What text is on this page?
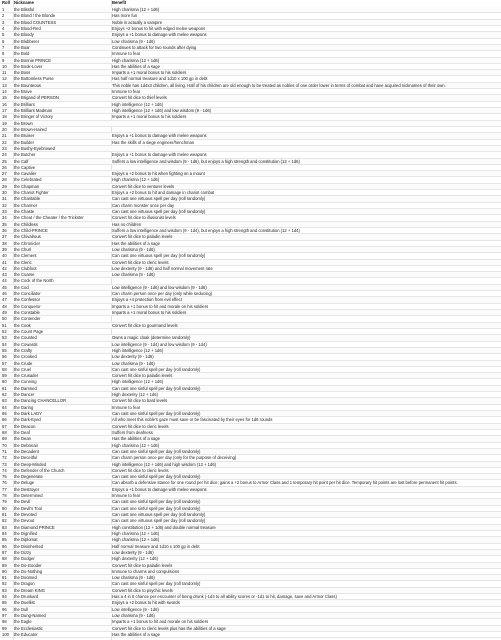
Roll Nickname	Benefit
1	the Blissful	High charisma (12 + 1d6)
2	the Blond / the Blonde	Has more fun
3	the Blood COUNTESS	Noble is actually a vampire
4	the Blood-Red	Enjoys +2 bonus to hit with edged melee weapons
5	the Bloody	Enjoys a +1 bonus to damage with melee weapons
6	the Blubberer	Low charisma (9 - 1d6)
7	the Boar	Continues to attack for two rounds after dying
8	the Bold	Immune to fear
9	the Bonnie PRINCE	High charisma (12 + 1d6)
10	the Book-Lover	Has the abilities of a sage
11	the Boss	Imparts a +1 moral bonus to his soldiers
12	the Bottomless Purse	Has half normal treasure and 1d10 x 100 gp in debt
13	the Bounteous	This noble has 1d4x3 children, all living. Half of his children are old enough to be treated as nobles of one order lower in terms of combat and have acquired nicknames of their own.
14	the Brave	Immune to fear
15	the Brigand of PERSON	Convert hit dice to thief levels
16	the Brilliant	High intelligence (12 + 1d6)
17	the Brilliant Madman	High intelligence (12 + 1d6) and low wisdom (9 - 1d6)
18	the Bringer of Victory	Imparts a +1 moral bonus to his soldiers
19	the Brown
20	the Brown-Haired
21	the Bruiser	Enjoys a +1 bonus to damage with melee weapons
22	the Builder	Has the skills of a siege engineer/henchman
23	the Bushy-Eyebrowed
24	the Butcher	Enjoys a +1 bonus to damage with melee weapons
25	the Calf	Suffers a low intelligence and wisdom (9 - 1d6), but enjoys a high strength and constitution (12 + 1d6)
26	the Captive
27	the Cavalier	Enjoys a +2 bonus to hit when fighting on a mount
28	the Celebrated	High charisma (12 + 1d6)
29	the Chapman	Convert hit dice to venturer levels
30	the Chariot Fighter	Enjoys a +2 bonus to hit and damage in chariot combat
31	the Charitable	Can cast one virtuous spell per day (roll randomly)
32	the Charmer	Can charm monster once per day
33	the Chaste	Can cast one virtuous spell per day (roll randomly)
34	the Cheat / the Cheater / the Trickster	Convert hit dice to illusionist levels
35	the Childless	Has no children
36	the Child-PRINCE	Suffers a low intelligence and wisdom (9 - 1d4), but enjoys a high strength and constitution (12 + 1d4)
37	the Chivalrous	Convert hit dice to paladin levels
38	the Chronicler	Has the abilities of a sage
39	the Churl	Low charisma (9 - 1d6)
40	the Clement	Can cast one virtuous spell per day (roll randomly)
41	the Cleric	Convert hit dice to cleric levels
42	the Clubfoot	Low dexterity (9 - 1d6) and half normal movement rate
43	the Coarse	Low charisma (9 - 1d6)
44	the Cock of the North
45	the Cod	Low intelligence (9 - 1d6) and low wisdom (9 - 1d6)
46	the Conciliator	Can charm person once per day (only while seducing)
47	the Confessor	Enjoys a +4 protection from evil effect
48	the Conqueror	Imparts a +1 bonus to hit and morale on his soldiers
49	the Constable	Imparts a +1 moral bonus to his soldiers
50	the Contender
51	the Cook	Convert hit dice to gourmand levels
52	the Count Page
53	the Counted	Owns a magic cloak (determine randomly)
54	the Cowards	Low intelligence (9 - 1d4) and low wisdom (9 - 1d4)
55	the Crafty	High intelligence (12 + 1d6)
56	the Crooked	Low dexterity (9 - 1d6)
57	the Crude	Low charisma (9 - 1d6)
58	the Cruel	Can cast one sinful spell per day (roll randomly)
59	the Crusader	Convert hit dice to paladin levels
60	the Cunning	High intelligence (12 + 1d6)
61	the Damned	Can cast one sinful spell per day (roll randomly)
62	the Dancer	High dexterity (12 + 1d6)
63	the Dancing CHANCELLOR	Convert hit dice to bard levels
64	the Daring	Immune to fear
65	the Dark LADY	Can cast one sinful spell per day (roll randomly)
66	the Dark-Eyed	All who meet this noble's gaze must save or be fascinated by their eyes for 1d6 rounds
67	the Deacon	Convert hit dice to cleric levels
68	the Deaf	Suffers from deafness
69	the Dean	Has the abilities of a sage
70	the Debonair	High charisma (12 + 1d6)
71	the Decadent	Can cast one sinful spell per day (roll randomly)
72	the Deceitful	Can charm person once per day (only for the purpose of deceiving)
73	the Deep-Minded	High intelligence (12 + 1d6) and high wisdom (12 + 1d6)
74	the Defender of the Church	Convert hit dice to cleric levels
75	the Degenerate	Can cast one sinful spell per day (roll randomly)
76	the Deluge	Can absorb a defensive stance for one round per hit dice; gains a +2 bonus to Armor Class and 1 temporary hit point per hit dice. Temporary hit points are lost before permanent hit points.
77	the Destroyer	Enjoys a +1 bonus to damage with melee weapons
78	the Determined	Immune to fear
79	the Devil	Can cast one sinful spell per day (roll randomly)
80	the Devil's Tool	Can cast one sinful spell per day (roll randomly)
81	the Devoted	Can cast one virtuous spell per day (roll randomly)
82	the Devout	Can cast one virtuous spell per day (roll randomly)
83	the Diamond PRINCE	High constitution (12 + 1d6) and double normal treasure
84	the Dignified	High charisma (12 + 1d6)
85	the Diplomat	High charisma (12 + 1d6)
86	the Disinherited	Half normal treasure and 1d10 x 100 gp in debt
87	the Dizzy	Low dexterity (9 - 1d6)
88	the Dodger	High dexterity (12 + 1d6)
89	the Do-Gooder	Convert hit dice to paladin levels
90	the Do-Nothing	Immune to charms and compulsions
91	the Doomed	Low charisma (9 - 1d6)
92	the Dragon	Can cast one sinful spell per day (roll randomly)
93	the Dream KING	Convert hit dice to psychic levels
94	the Drunkard	Has a 4 in 6 chance per encounter of being drunk (-1d4 to all ability scores or -1d1 to hit, damage, save and Armor Class)
95	the Duellist	Enjoys a +2 bonus to hit with swords
96	the Dull	Low intelligence (9 - 1d6)
97	the Dung-Named	Low charisma (9 - 1d6)
98	the Eagle	Imparts a +1 bonus to hit and morale on his soldiers
99	the Ecclesiastic	Convert hit dice to cleric levels plus has the abilities of a sage
100	the Educator	Has the abilities of a sage
